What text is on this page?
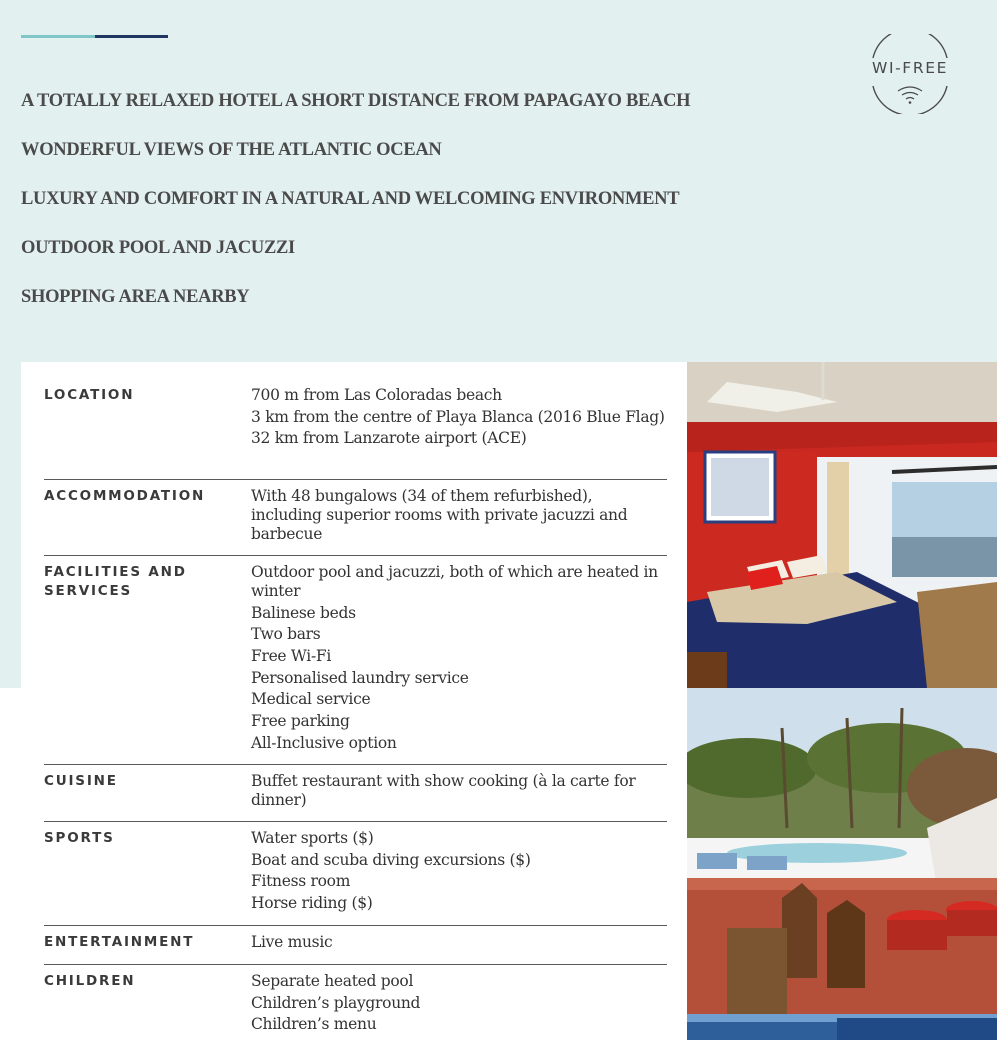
A TOTALLY RELAXED HOTEL A SHORT DISTANCE FROM PAPAGAYO BEACH
WONDERFUL VIEWS OF THE ATLANTIC OCEAN
LUXURY AND COMFORT IN A NATURAL AND WELCOMING ENVIRONMENT
OUTDOOR POOL AND JACUZZI
SHOPPING AREA NEARBY
WI-FREE
LOCATION	700 m from Las Coloradas beach
3 km from the centre of Playa Blanca (2016 Blue Flag)
32 km from Lanzarote airport (ACE)
ACCOMMODATION	With 48 bungalows (34 of them refurbished), including superior rooms with private jacuzzi and barbecue
FACILITIES AND SERVICES
Outdoor pool and jacuzzi, both of which are heated in winter
Balinese beds
Two bars
Free Wi-Fi
Personalised laundry service
Medical service
Free parking
All-Inclusive option
CUISINE	Buffet restaurant with show cooking (à la carte for dinner)
SPORTS	Water sports ($)
Boat and scuba diving excursions ($)
Fitness room
Horse riding ($)
ENTERTAINMENT	Live music
CHILDREN	Separate heated pool
Children’s playground
Children’s menu
